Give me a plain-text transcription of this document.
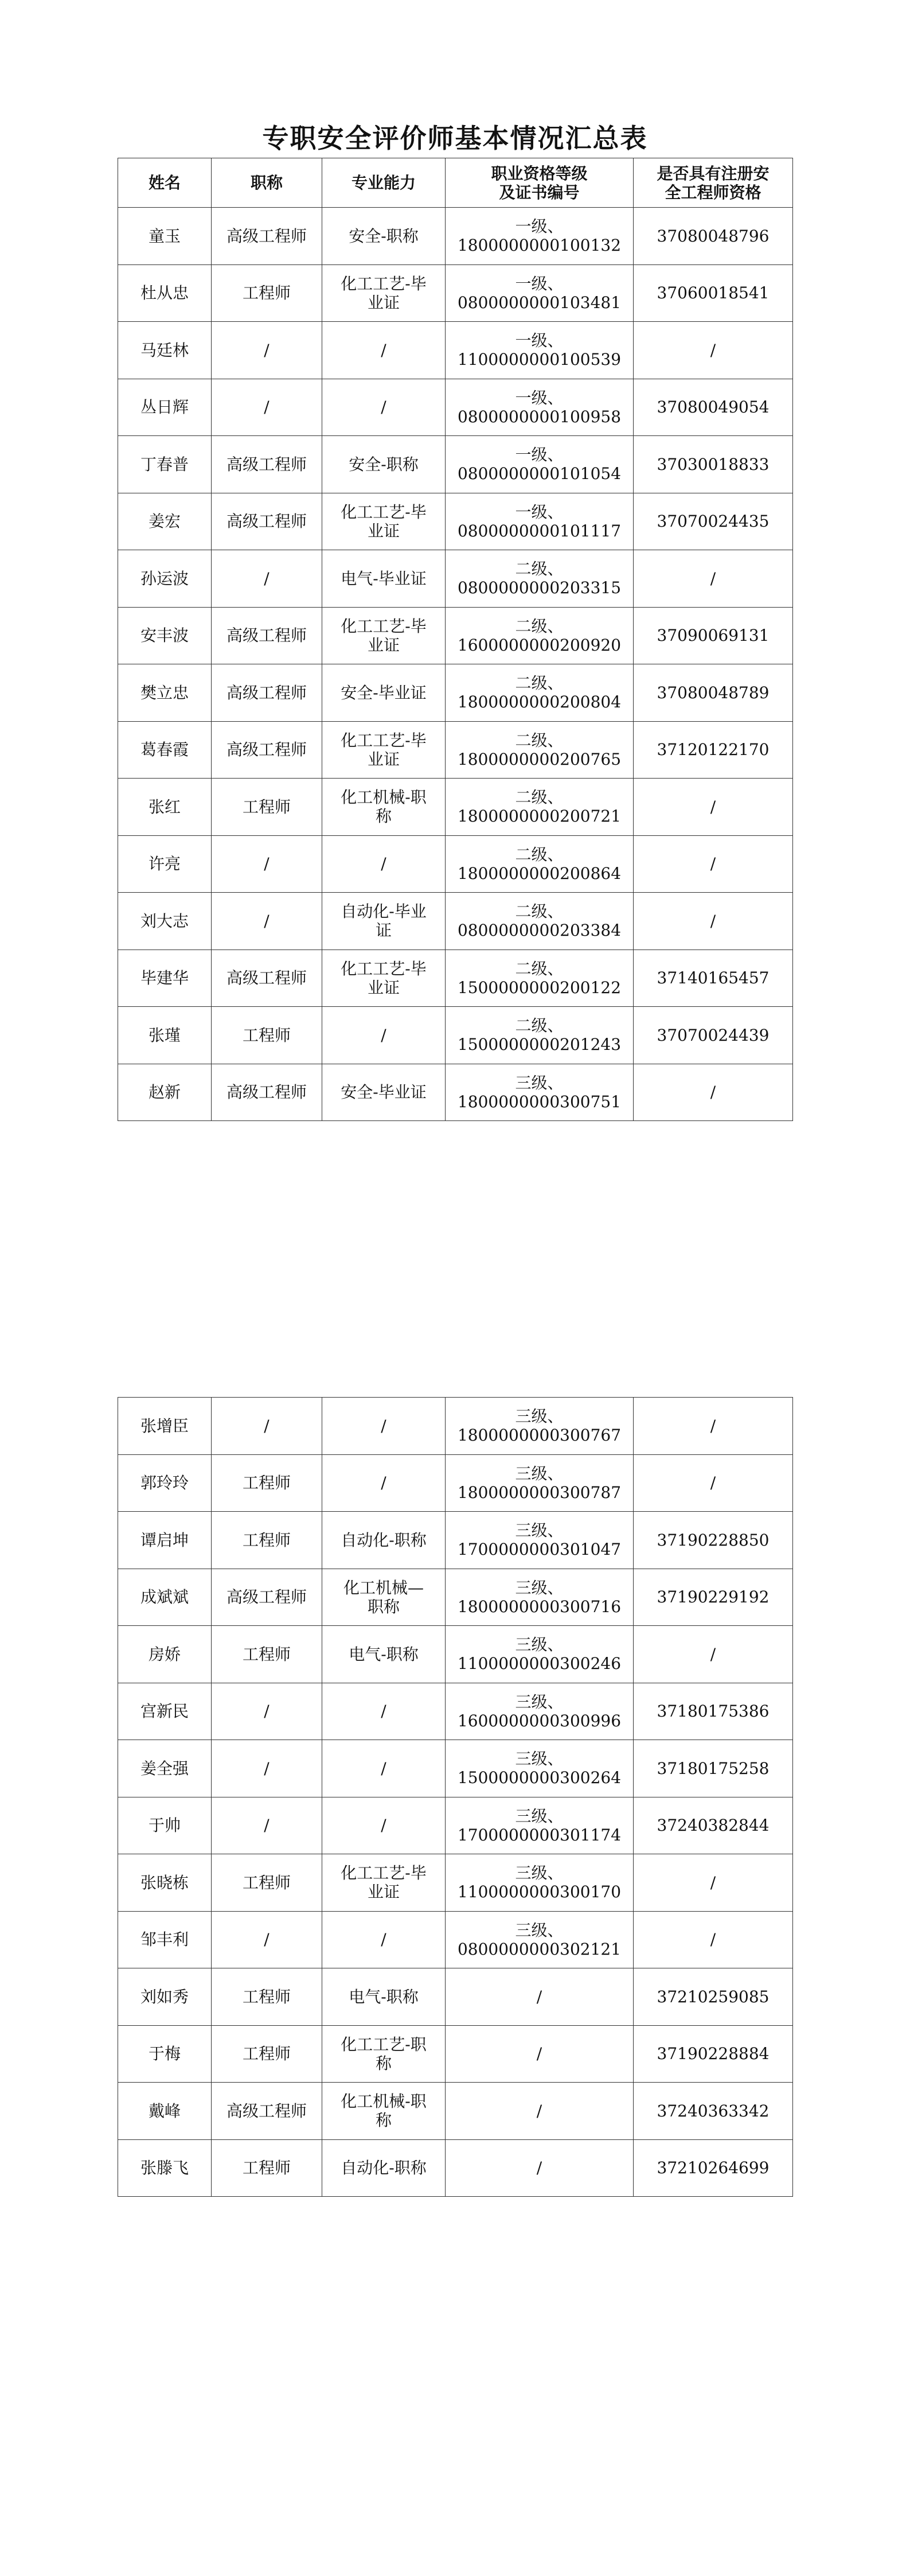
专职安全评价师基本情况汇总表
姓名	职称	专业能力	职业资格等级
及证书编号	是否具有注册安
全工程师资格
童玉	高级工程师	安全-职称	一级、
1800000000100132	37080048796
杜从忠	工程师	化工工艺-毕
业证	一级、
0800000000103481	37060018541
马廷林	/	/	一级、
1100000000100539	/
丛日辉	/	/	一级、
0800000000100958	37080049054
丁春普	高级工程师	安全-职称	一级、
0800000000101054	37030018833
姜宏	高级工程师	化工工艺-毕
业证	一级、
0800000000101117	37070024435
孙运波	/	电气-毕业证	二级、
0800000000203315	/
安丰波	高级工程师	化工工艺-毕
业证	二级、
1600000000200920	37090069131
樊立忠	高级工程师	安全-毕业证	二级、
1800000000200804	37080048789
葛春霞	高级工程师	化工工艺-毕
业证	二级、
1800000000200765	37120122170
张红	工程师	化工机械-职
称	二级、
1800000000200721	/
许亮	/	/	二级、
1800000000200864	/
刘大志	/	自动化-毕业
证	二级、
0800000000203384	/
毕建华	高级工程师	化工工艺-毕
业证	二级、
1500000000200122	37140165457
张瑾	工程师	/	二级、
1500000000201243	37070024439
赵新	高级工程师	安全-毕业证	三级、
1800000000300751	/
张增臣	/	/	三级、
1800000000300767	/
郭玲玲	工程师	/	三级、
1800000000300787	/
谭启坤	工程师	自动化-职称	三级、
1700000000301047	37190228850
成斌斌	高级工程师	化工机械—
职称	三级、
1800000000300716	37190229192
房娇	工程师	电气-职称	三级、
1100000000300246	/
宫新民	/	/	三级、
1600000000300996	37180175386
姜全强	/	/	三级、
1500000000300264	37180175258
于帅	/	/	三级、
1700000000301174	37240382844
张晓栋	工程师	化工工艺-毕
业证	三级、
1100000000300170	/
邹丰利	/	/	三级、
0800000000302121	/
刘如秀	工程师	电气-职称	/	37210259085
于梅	工程师	化工工艺-职
称	/	37190228884
戴峰	高级工程师	化工机械-职
称	/	37240363342
张滕飞	工程师	自动化-职称	/	37210264699
